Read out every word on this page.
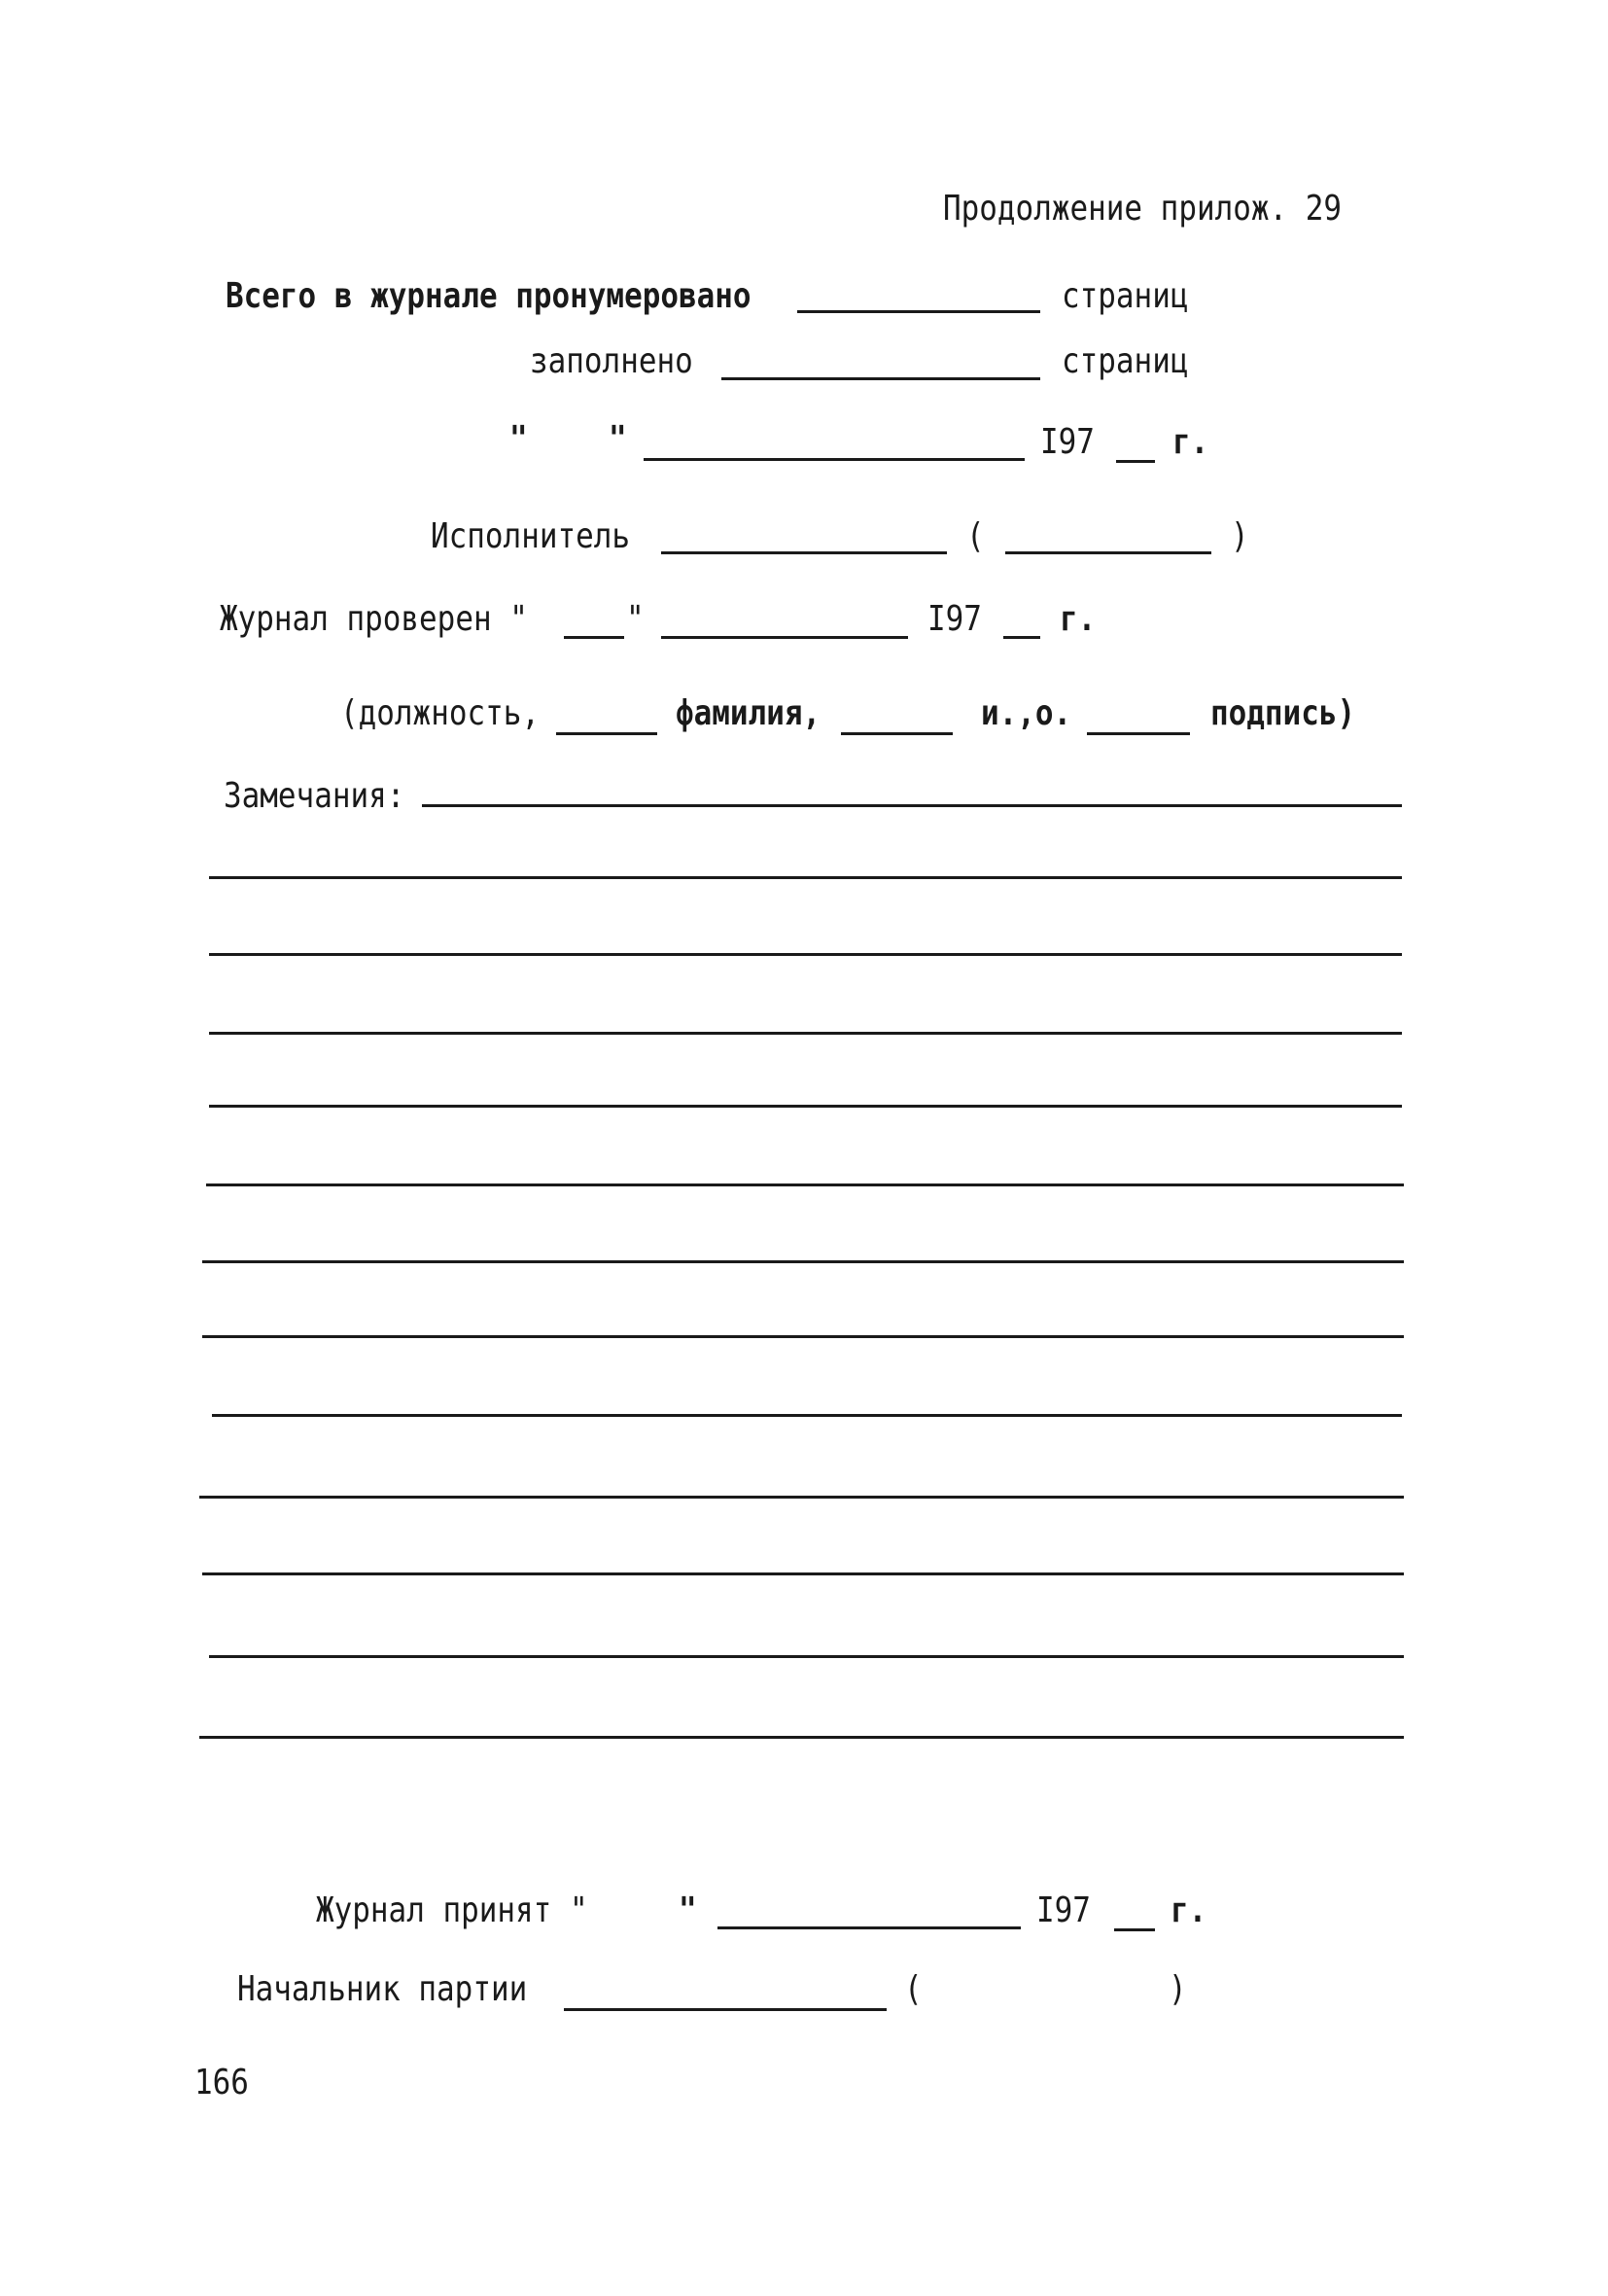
Продолжение прилож. 29
Всего в журнале пронумеровано	страниц
заполнено	страниц
" "	I97 г.
Исполнитель	(	)
Журнал проверен "	"	I97 г.
(должность,	фамилия,	и.,о.	подпись)
Замечания:
Журнал принят "	"	I97 г.
Начальник партии	(	)
166
